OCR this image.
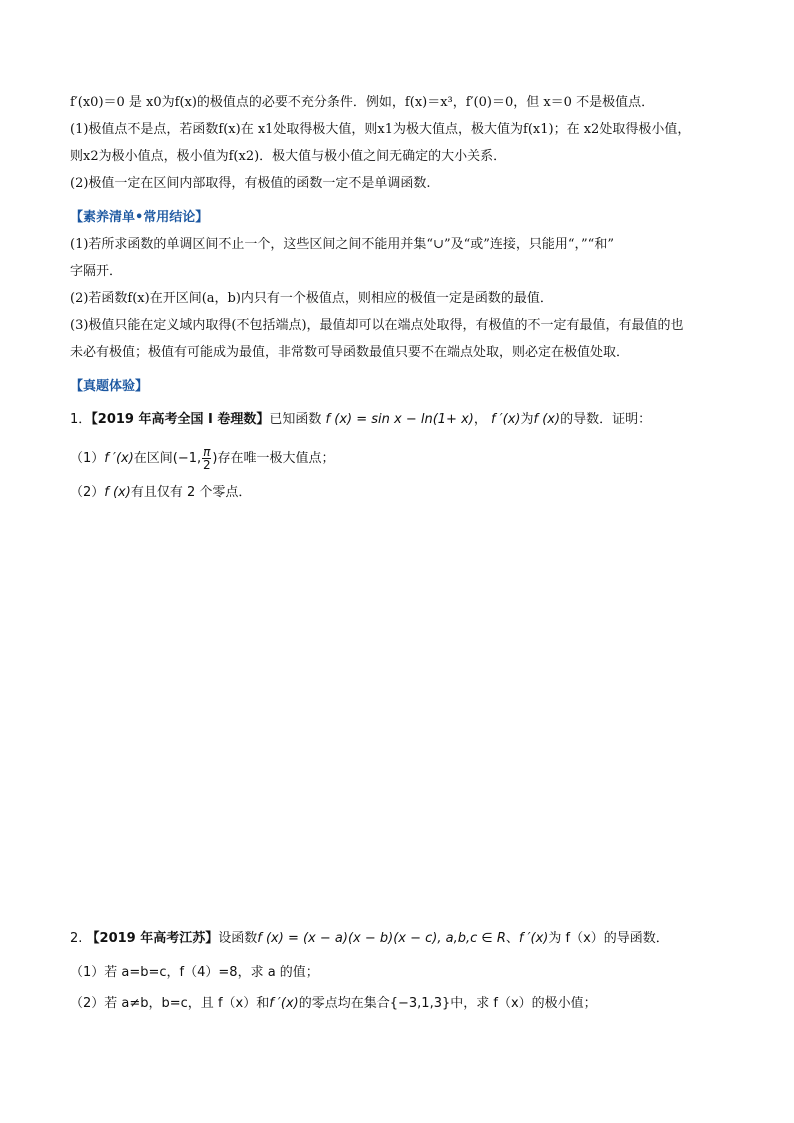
f′(x0)＝0 是 x0为f(x)的极值点的必要不充分条件．例如，f(x)＝x³，f′(0)＝0，但 x＝0 不是极值点．
(1)极值点不是点，若函数f(x)在 x1处取得极大值，则x1为极大值点，极大值为f(x1)；在 x2处取得极小值，
则x2为极小值点，极小值为f(x2)．极大值与极小值之间无确定的大小关系．
(2)极值一定在区间内部取得，有极值的函数一定不是单调函数.
【素养清单•常用结论】
(1)若所求函数的单调区间不止一个，这些区间之间不能用并集“∪”及“或”连接，只能用“，”“和”
字隔开．
(2)若函数f(x)在开区间(a，b)内只有一个极值点，则相应的极值一定是函数的最值．
(3)极值只能在定义域内取得(不包括端点)，最值却可以在端点处取得，有极值的不一定有最值，有最值的也
未必有极值；极值有可能成为最值，非常数可导函数最值只要不在端点处取，则必定在极值处取．
【真题体验】
1．【2019 年高考全国 I 卷理数】已知函数 f (x) = sin x − ln(1+ x)， f ′(x)为f (x)的导数．证明：
（1）f ′(x)在区间(−1, $\frac{\pi}{2}$ )存在唯一极大值点；
（2）f (x)有且仅有 2 个零点．
2. 【2019 年高考江苏】设函数f (x) = (x − a)(x − b)(x − c), a,b,c ∈ R、f ′(x)为 f（x）的导函数．
（1）若 a=b=c，f（4）=8，求 a 的值；
（2）若 a≠b，b=c，且 f（x）和f ′(x)的零点均在集合{−3,1,3}中，求 f（x）的极小值；
